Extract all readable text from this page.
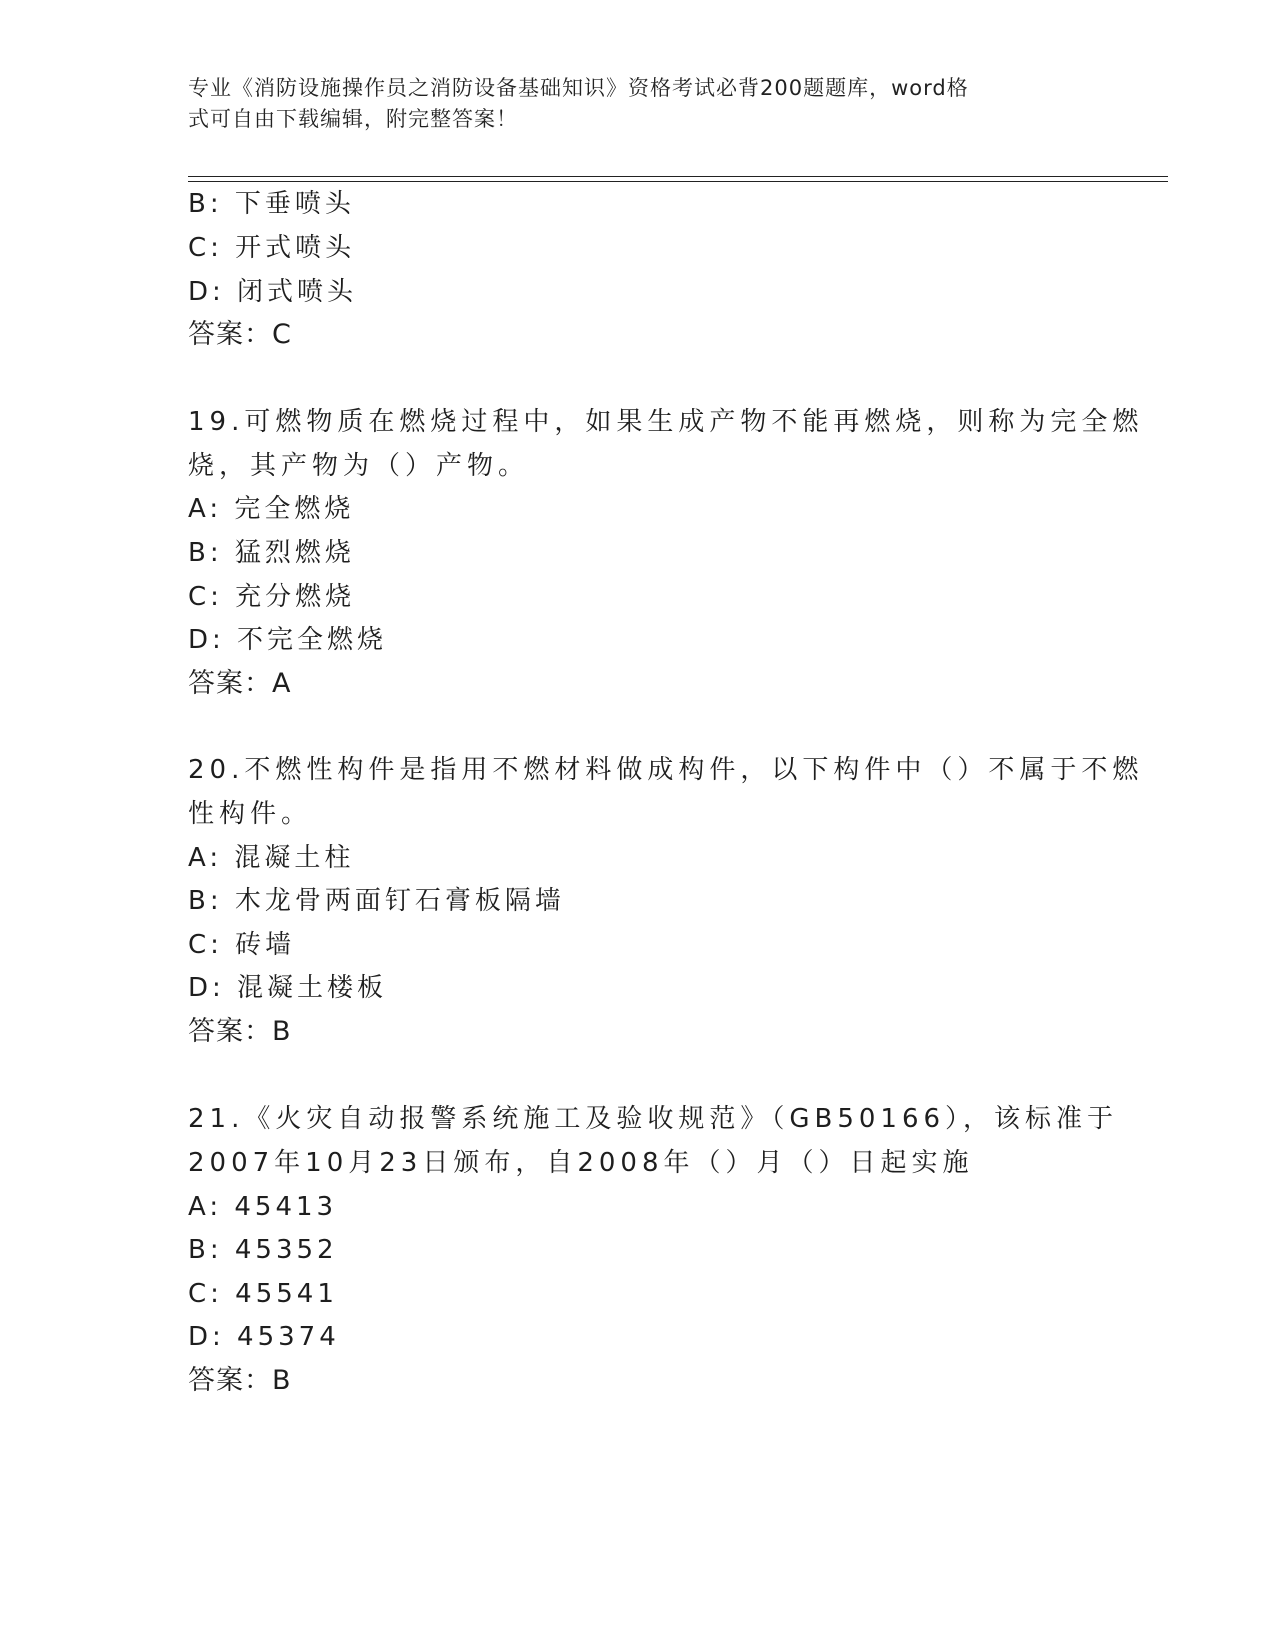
专业《消防设施操作员之消防设备基础知识》资格考试必背200题题库，word格
式可自由下载编辑，附完整答案！
B: 下垂喷头
C: 开式喷头
D: 闭式喷头
答案：C
19.可燃物质在燃烧过程中，如果生成产物不能再燃烧，则称为完全燃
烧，其产物为（）产物。
A: 完全燃烧
B: 猛烈燃烧
C: 充分燃烧
D: 不完全燃烧
答案：A
20.不燃性构件是指用不燃材料做成构件，以下构件中（）不属于不燃
性构件。
A: 混凝土柱
B: 木龙骨两面钉石膏板隔墙
C: 砖墙
D: 混凝土楼板
答案：B
21.《火灾自动报警系统施工及验收规范》（GB50166），该标准于
2007年10月23日颁布，自2008年（）月（）日起实施
A: 45413
B: 45352
C: 45541
D: 45374
答案：B
